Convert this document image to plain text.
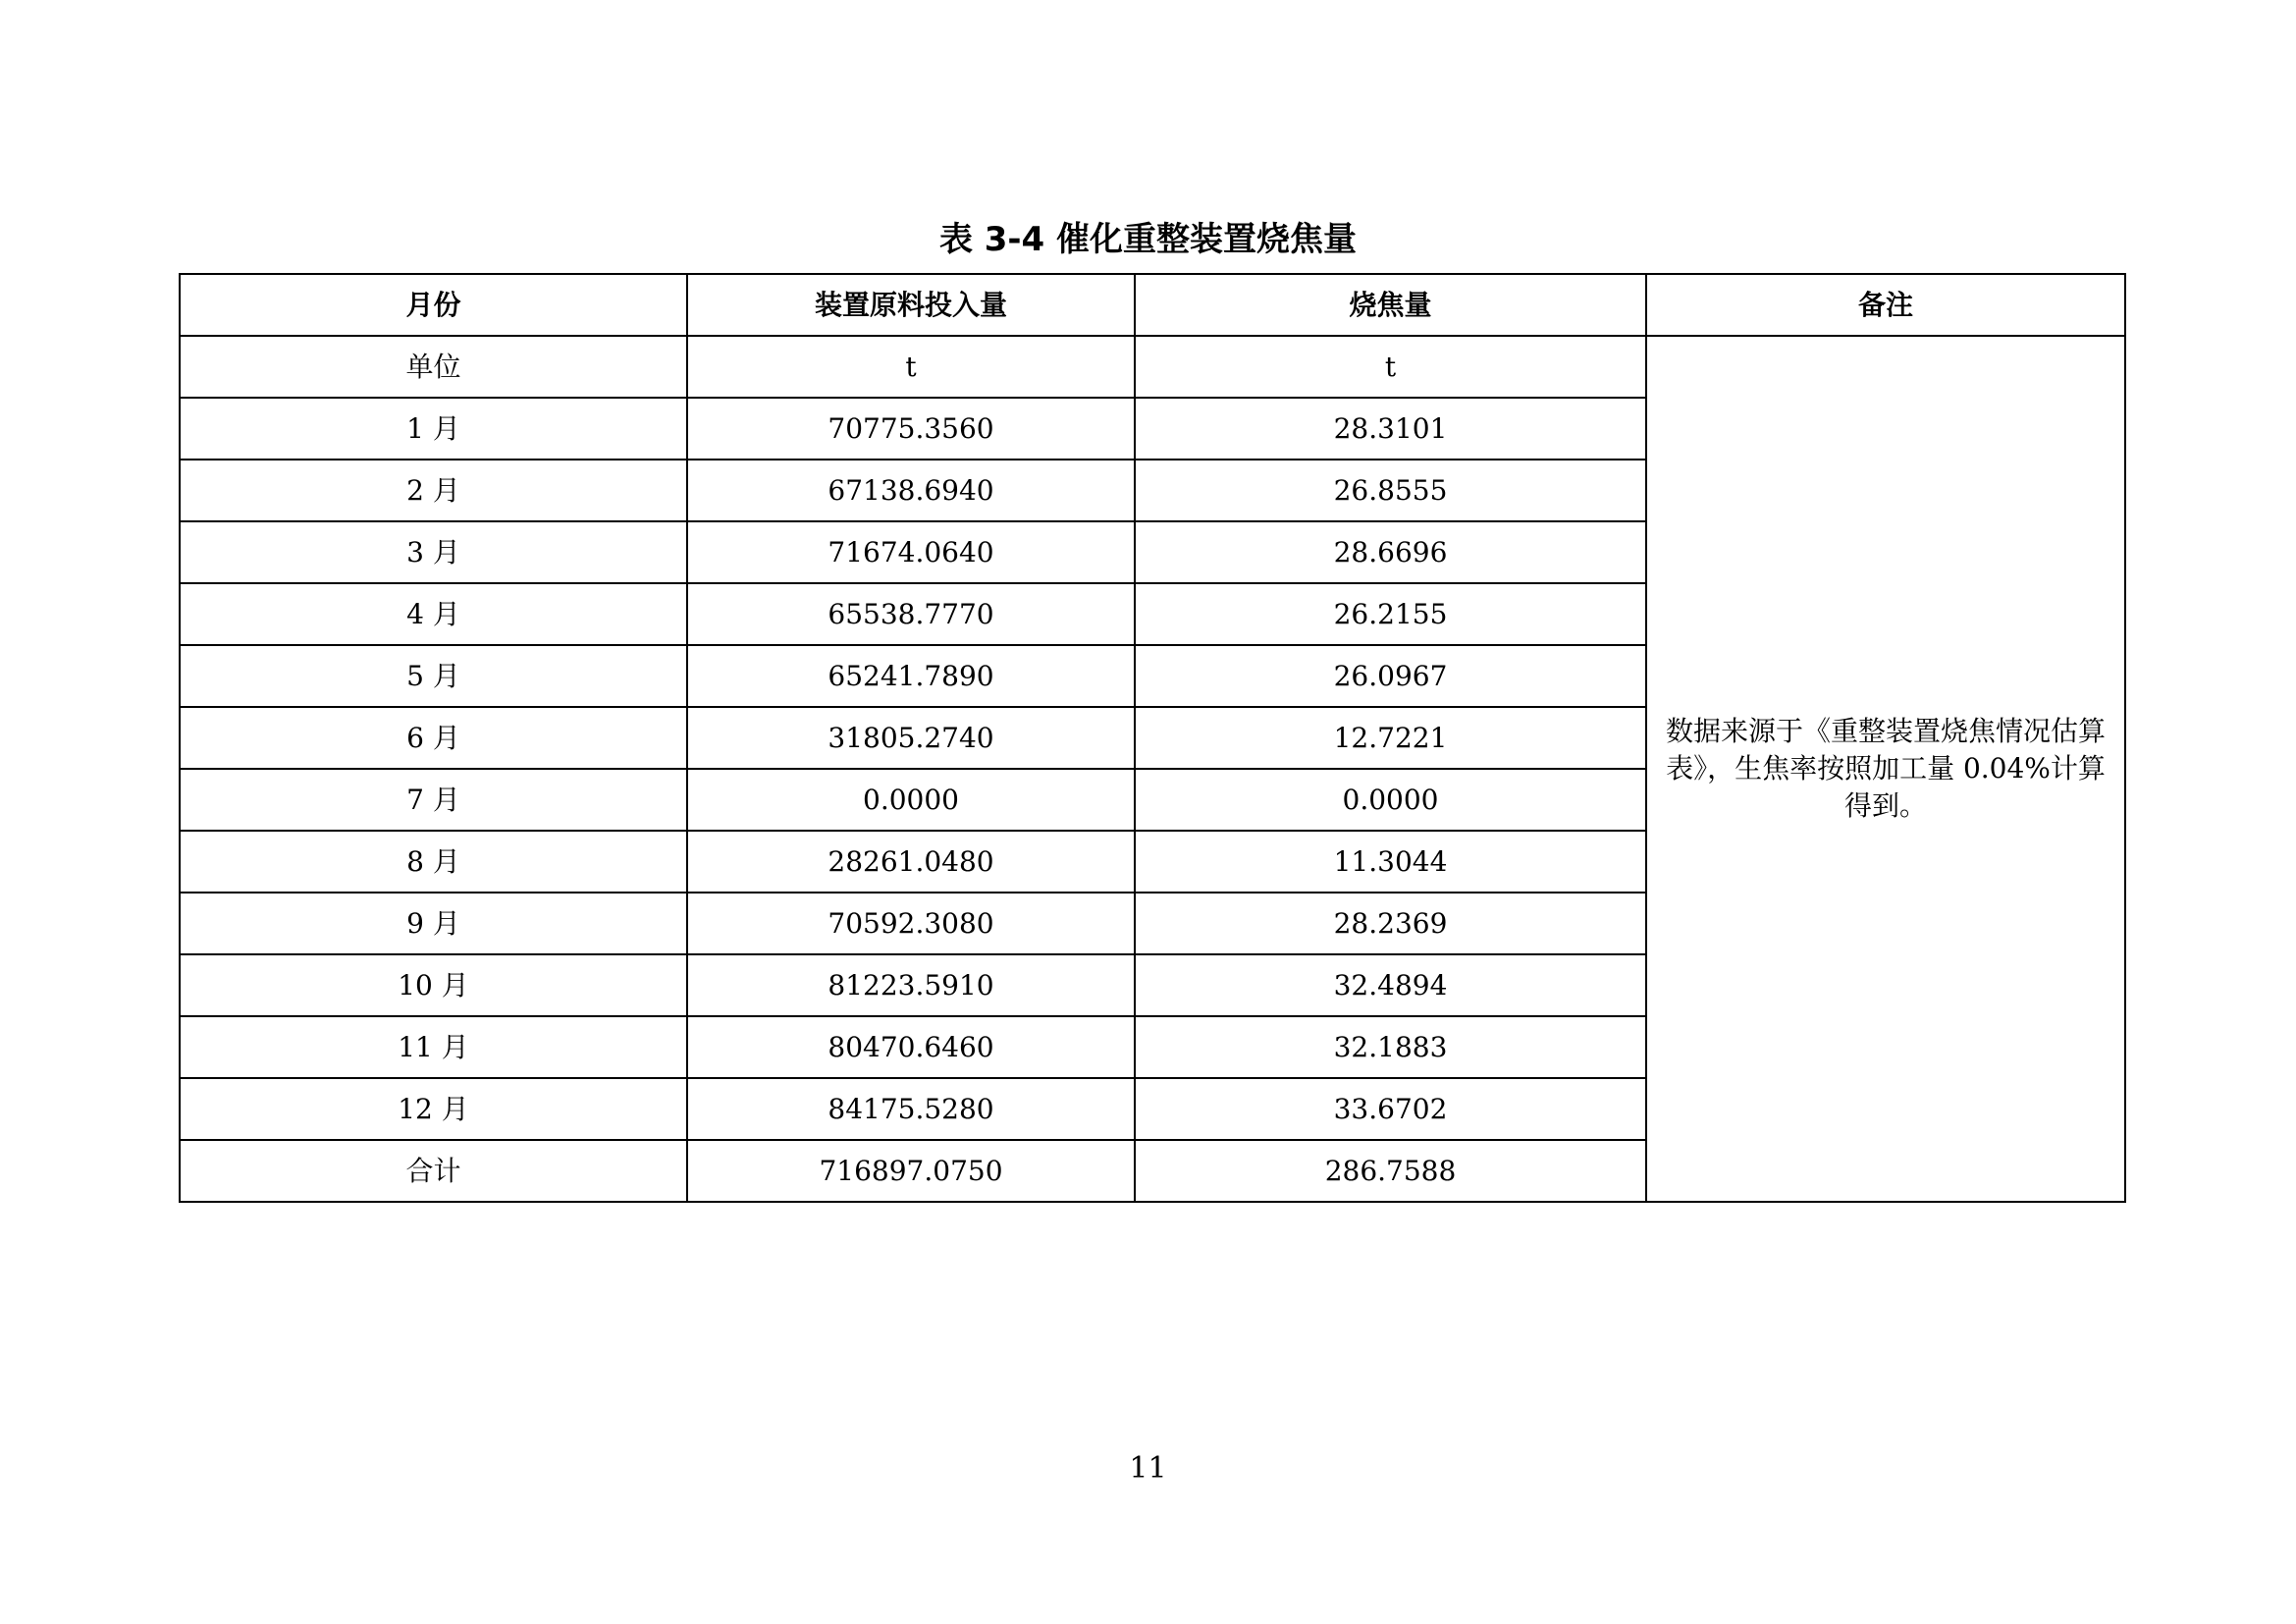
表 3-4 催化重整装置烧焦量
月份	装置原料投入量	烧焦量	备注
单位	t	t	数据来源于《重整装置烧焦情况估算表》，生焦率按照加工量 0.04%计算得到。
1 月	70775.3560	28.3101	
2 月	67138.6940	26.8555	
3 月	71674.0640	28.6696	
4 月	65538.7770	26.2155	
5 月	65241.7890	26.0967	
6 月	31805.2740	12.7221	
7 月	0.0000	0.0000	
8 月	28261.0480	11.3044	
9 月	70592.3080	28.2369	
10 月	81223.5910	32.4894	
11 月	80470.6460	32.1883	
12 月	84175.5280	33.6702	
合计	716897.0750	286.7588	
11
